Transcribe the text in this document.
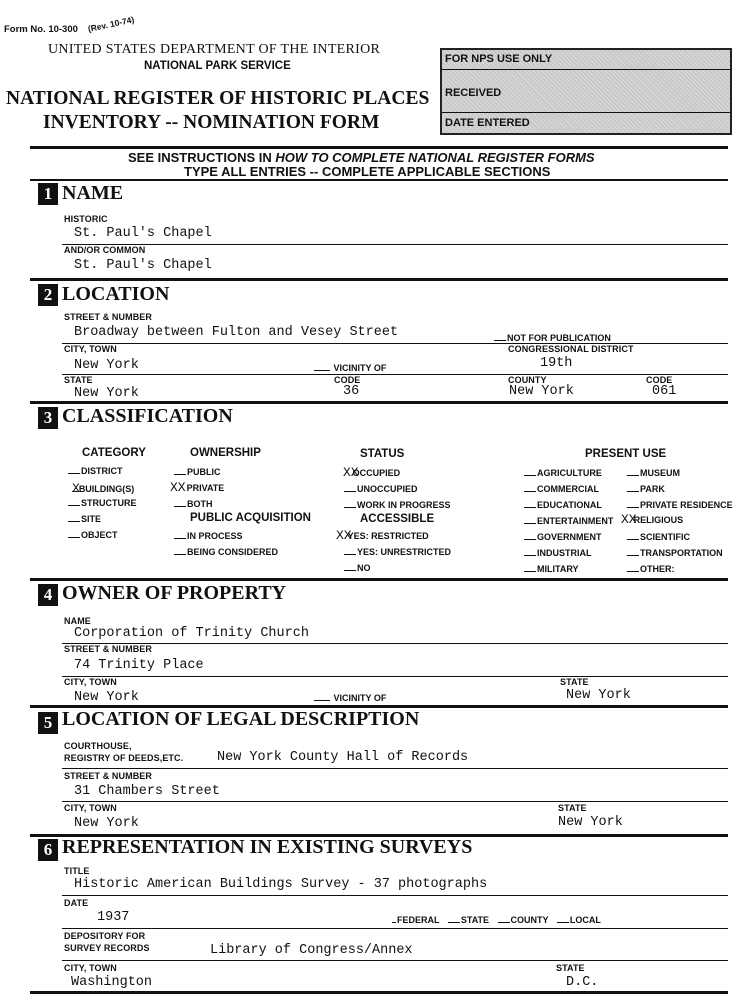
Form No. 10-300 (Rev. 10-74)
UNITED STATES DEPARTMENT OF THE INTERIOR
NATIONAL PARK SERVICE
NATIONAL REGISTER OF HISTORIC PLACES
INVENTORY -- NOMINATION FORM
FOR NPS USE ONLY
RECEIVED
DATE ENTERED
SEE INSTRUCTIONS IN HOW TO COMPLETE NATIONAL REGISTER FORMS
TYPE ALL ENTRIES -- COMPLETE APPLICABLE SECTIONS
1 NAME
HISTORIC
St. Paul's Chapel
AND/OR COMMON
St. Paul's Chapel
2 LOCATION
STREET & NUMBER
Broadway between Fulton and Vesey Street	NOT FOR PUBLICATION
CITY, TOWN	CONGRESSIONAL DISTRICT
New York	VICINITY OF	19th
STATE	CODE	COUNTY	CODE
New York	36	New York	061
3 CLASSIFICATION
CATEGORY	OWNERSHIP	STATUS	PRESENT USE
DISTRICT
XBUILDING(S)
STRUCTURE
SITE
OBJECT
PUBLIC
XXPRIVATE
BOTH
PUBLIC ACQUISITION
IN PROCESS
BEING CONSIDERED
XXOCCUPIED
UNOCCUPIED
WORK IN PROGRESS
ACCESSIBLE
XXYES: RESTRICTED
YES: UNRESTRICTED
NO
AGRICULTURE
COMMERCIAL
EDUCATIONAL
ENTERTAINMENT
GOVERNMENT
INDUSTRIAL
MILITARY
MUSEUM
PARK
PRIVATE RESIDENCE
XXRELIGIOUS
SCIENTIFIC
TRANSPORTATION
OTHER:
4 OWNER OF PROPERTY
NAME
Corporation of Trinity Church
STREET & NUMBER
74 Trinity Place
CITY, TOWN	STATE
New York	VICINITY OF	New York
5 LOCATION OF LEGAL DESCRIPTION
COURTHOUSE,
REGISTRY OF DEEDS,ETC.	New York County Hall of Records
STREET & NUMBER
31 Chambers Street
CITY, TOWN	STATE
New York	New York
6 REPRESENTATION IN EXISTING SURVEYS
TITLE
Historic American Buildings Survey - 37 photographs
DATE
1937	FEDERAL STATE COUNTY LOCAL
DEPOSITORY FOR
SURVEY RECORDS	Library of Congress/Annex
CITY, TOWN	STATE
Washington	D.C.
